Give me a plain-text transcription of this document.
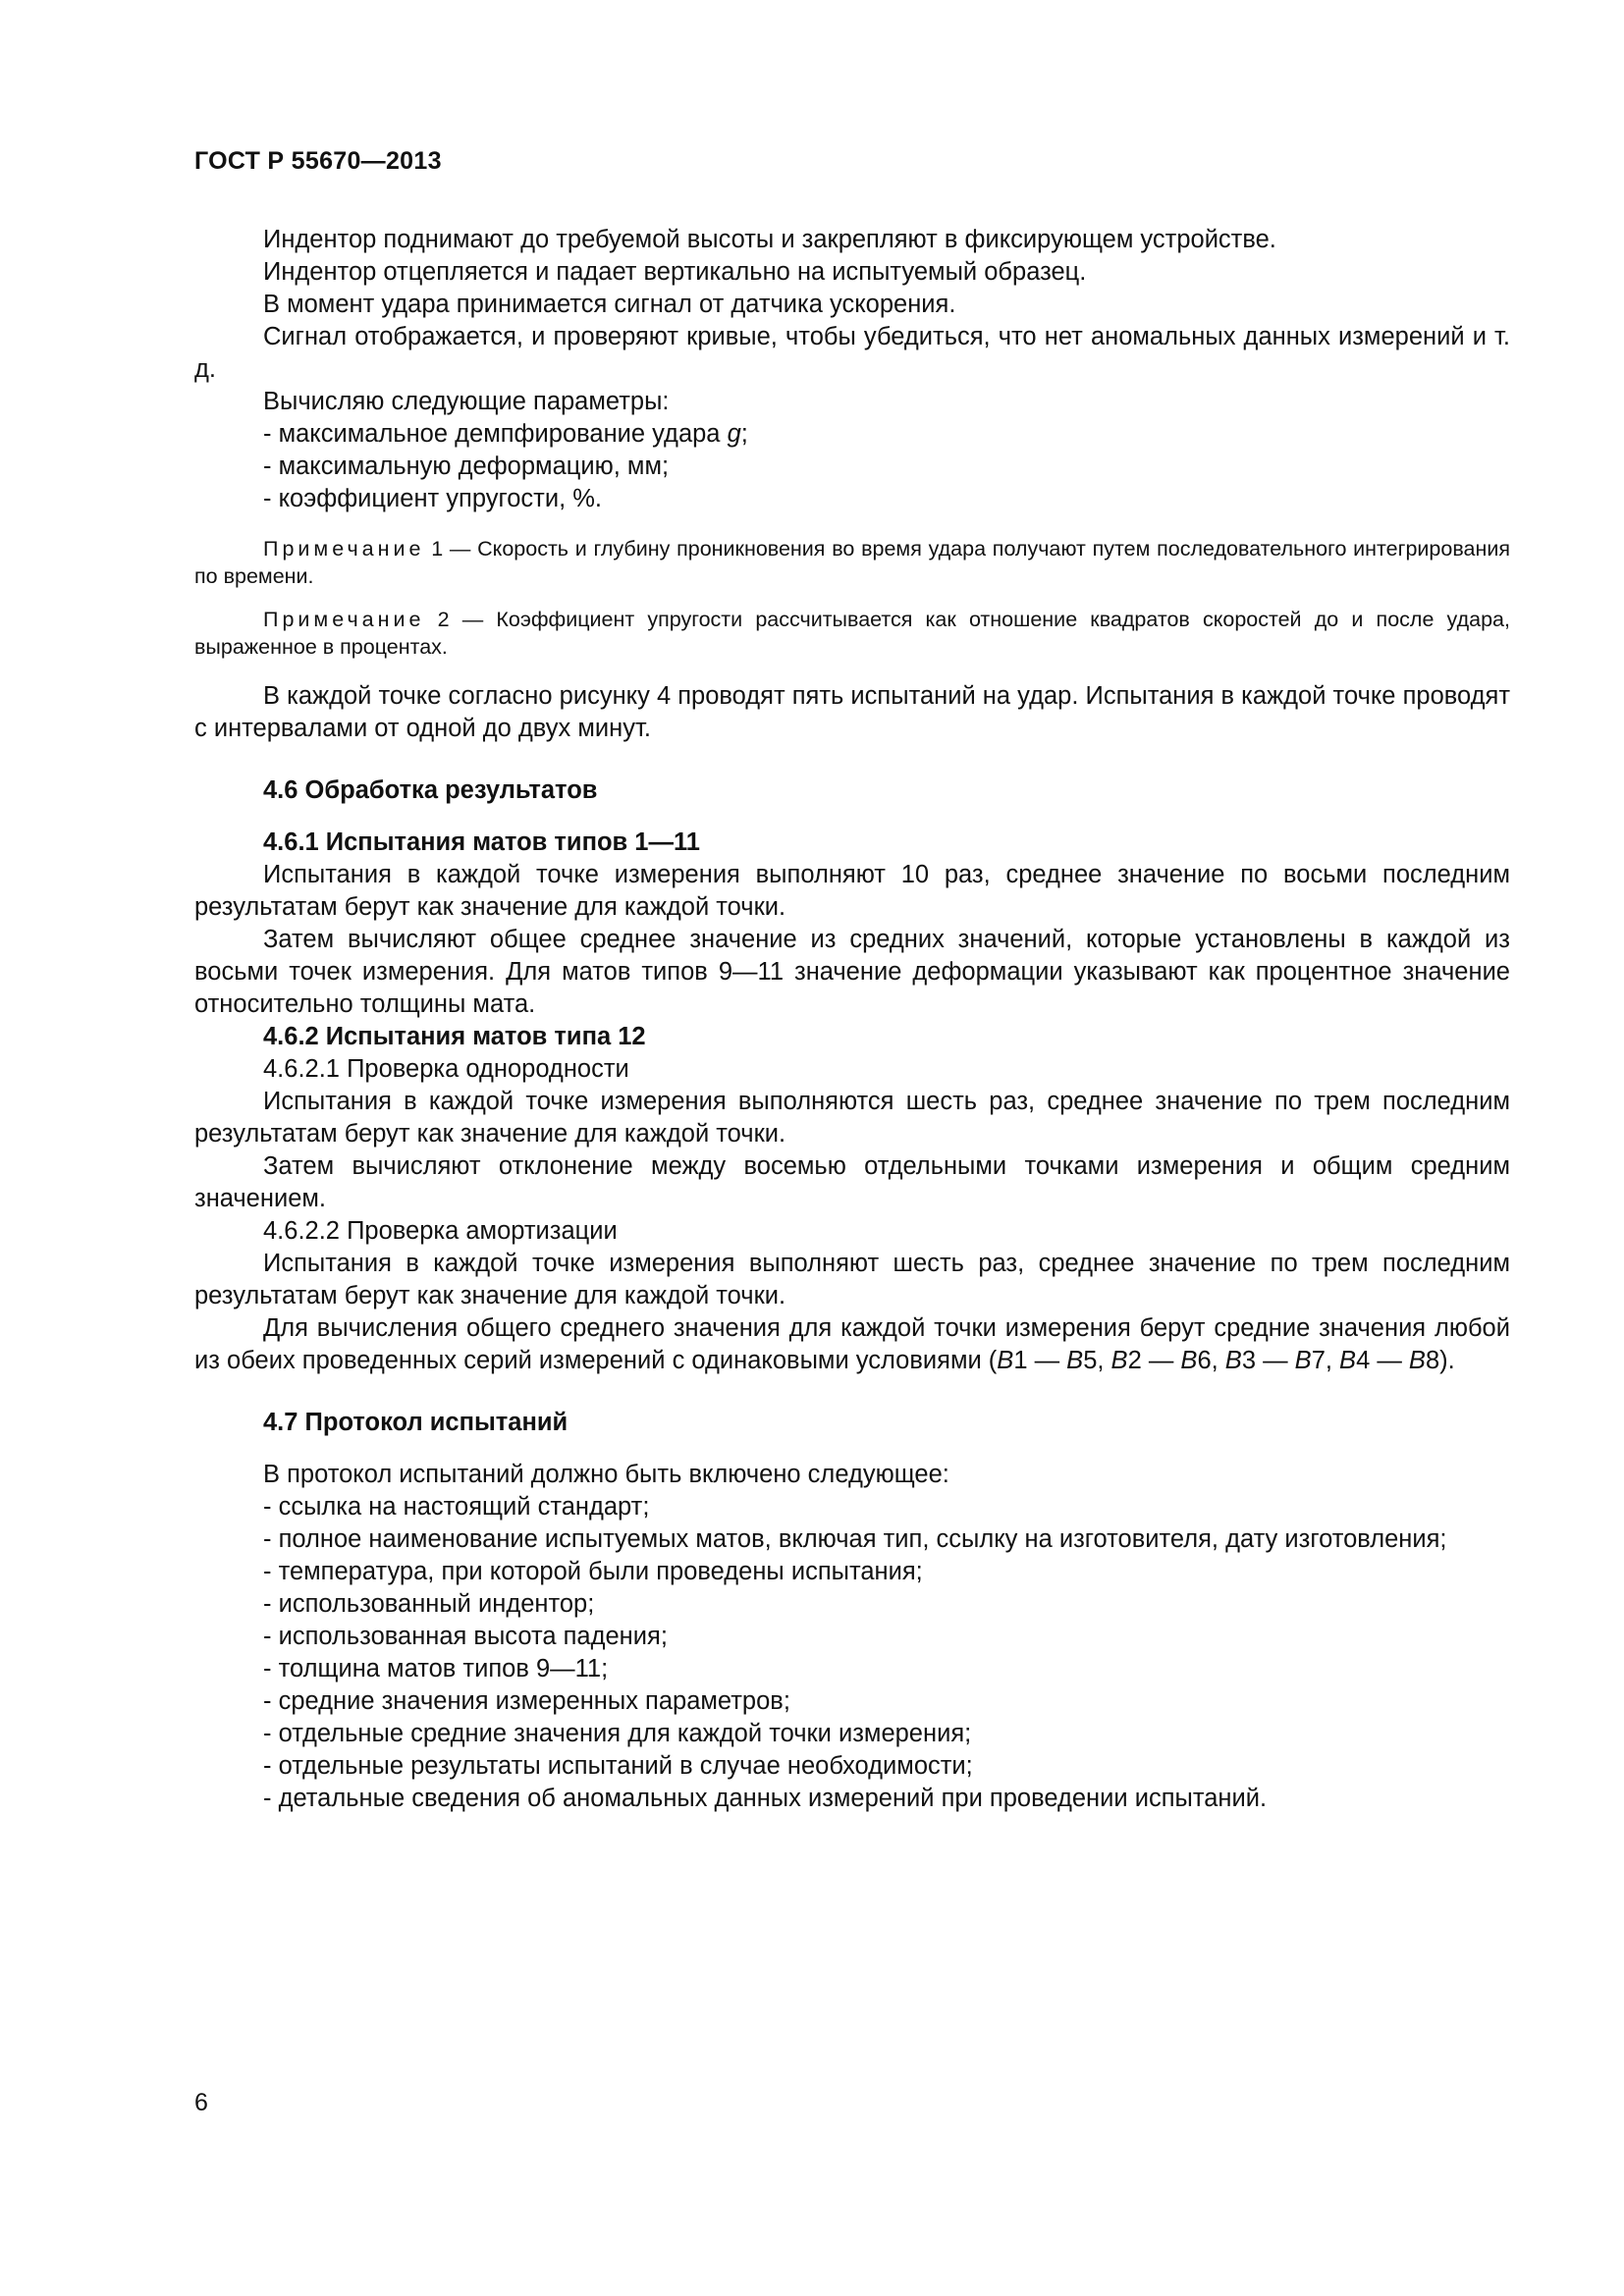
ГОСТ Р 55670—2013

Индентор поднимают до требуемой высоты и закрепляют в фиксирующем устройстве.

Индентор отцепляется и падает вертикально на испытуемый образец.

В момент удара принимается сигнал от датчика ускорения.

Сигнал отображается, и проверяют кривые, чтобы убедиться, что нет аномальных данных измерений и т. д.

Вычисляю следующие параметры:

- максимальное демпфирование удара g;

- максимальную деформацию, мм;

- коэффициент упругости, %.

Примечание 1 — Скорость и глубину проникновения во время удара получают путем последовательного интегрирования по времени.

Примечание 2 — Коэффициент упругости рассчитывается как отношение квадратов скоростей до и после удара, выраженное в процентах.

В каждой точке согласно рисунку 4 проводят пять испытаний на удар. Испытания в каждой точке проводят с интервалами от одной до двух минут.

4.6 Обработка результатов

4.6.1 Испытания матов типов 1—11

Испытания в каждой точке измерения выполняют 10 раз, среднее значение по восьми последним результатам берут как значение для каждой точки.

Затем вычисляют общее среднее значение из средних значений, которые установлены в каждой из восьми точек измерения. Для матов типов 9—11 значение деформации указывают как процентное значение относительно толщины мата.

4.6.2 Испытания матов типа 12

4.6.2.1 Проверка однородности

Испытания в каждой точке измерения выполняются шесть раз, среднее значение по трем последним результатам берут как значение для каждой точки.

Затем вычисляют отклонение между восемью отдельными точками измерения и общим средним значением.

4.6.2.2 Проверка амортизации

Испытания в каждой точке измерения выполняют шесть раз, среднее значение по трем последним результатам берут как значение для каждой точки.

Для вычисления общего среднего значения для каждой точки измерения берут средние значения любой из обеих проведенных серий измерений с одинаковыми условиями (B1 — B5, B2 — B6, B3 — B7, B4 — B8).

4.7 Протокол испытаний

В протокол испытаний должно быть включено следующее:

- ссылка на настоящий стандарт;

- полное наименование испытуемых матов, включая тип, ссылку на изготовителя, дату изготовления;

- температура, при которой были проведены испытания;

- использованный индентор;

- использованная высота падения;

- толщина матов типов 9—11;

- средние значения измеренных параметров;

- отдельные средние значения для каждой точки измерения;

- отдельные результаты испытаний в случае необходимости;

- детальные сведения об аномальных данных измерений при проведении испытаний.

6
